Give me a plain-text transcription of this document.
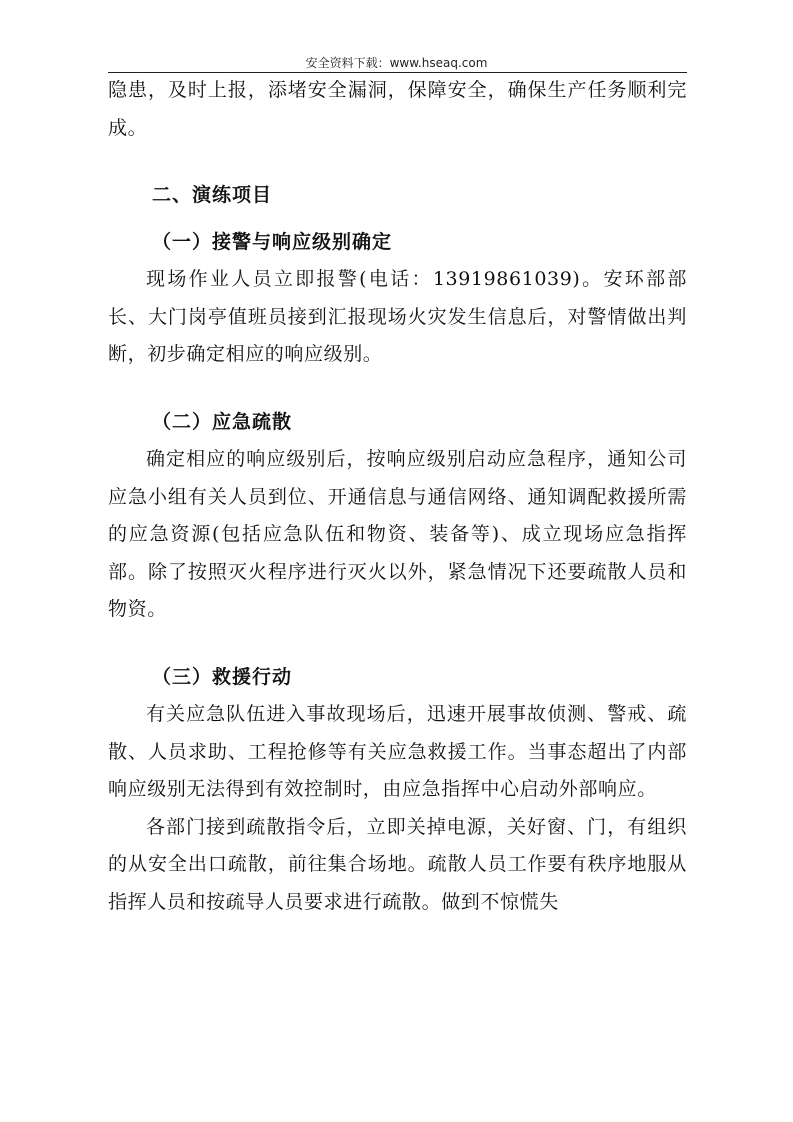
安全资料下载：www.hseaq.com

隐患，及时上报，添堵安全漏洞，保障安全，确保生产任务顺利完成。

二、演练项目

（一）接警与响应级别确定

现场作业人员立即报警(电话：13919861039)。安环部部长、大门岗亭值班员接到汇报现场火灾发生信息后，对警情做出判断，初步确定相应的响应级别。

（二）应急疏散

确定相应的响应级别后，按响应级别启动应急程序，通知公司应急小组有关人员到位、开通信息与通信网络、通知调配救援所需的应急资源(包括应急队伍和物资、装备等)、成立现场应急指挥部。除了按照灭火程序进行灭火以外，紧急情况下还要疏散人员和物资。

（三）救援行动

有关应急队伍进入事故现场后，迅速开展事故侦测、警戒、疏散、人员求助、工程抢修等有关应急救援工作。当事态超出了内部响应级别无法得到有效控制时，由应急指挥中心启动外部响应。

各部门接到疏散指令后，立即关掉电源，关好窗、门，有组织的从安全出口疏散，前往集合场地。疏散人员工作要有秩序地服从指挥人员和按疏导人员要求进行疏散。做到不惊慌失
